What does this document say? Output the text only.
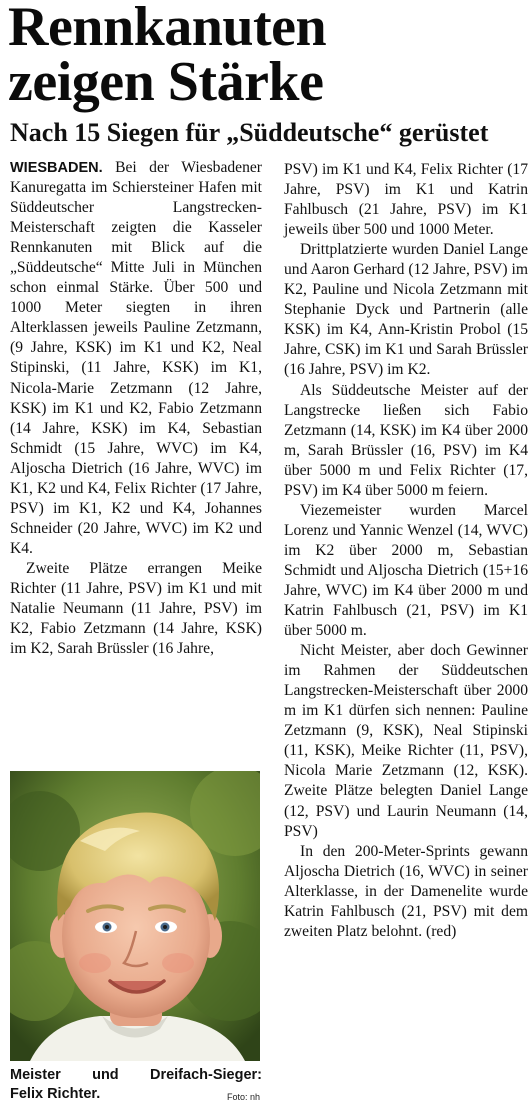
Rennkanuten
zeigen Stärke
Nach 15 Siegen für „Süddeutsche“ gerüstet

WIESBADEN. Bei der Wiesbadener Kanuregatta im Schiersteiner Hafen mit Süddeutscher Langstrecken-Meisterschaft zeigten die Kasseler Rennkanuten mit Blick auf die „Süddeutsche“ Mitte Juli in München schon einmal Stärke. Über 500 und 1000 Meter siegten in ihren Alterklassen jeweils Pauline Zetzmann, (9 Jahre, KSK) im K1 und K2, Neal Stipinski, (11 Jahre, KSK) im K1, Nicola-Marie Zetzmann (12 Jahre, KSK) im K1 und K2, Fabio Zetzmann (14 Jahre, KSK) im K4, Sebastian Schmidt (15 Jahre, WVC) im K4, Aljoscha Dietrich (16 Jahre, WVC) im K1, K2 und K4, Felix Richter (17 Jahre, PSV) im K1, K2 und K4, Johannes Schneider (20 Jahre, WVC) im K2 und K4.

Zweite Plätze errangen Meike Richter (11 Jahre, PSV) im K1 und mit Natalie Neumann (11 Jahre, PSV) im K2, Fabio Zetzmann (14 Jahre, KSK) im K2, Sarah Brüssler (16 Jahre,

PSV) im K1 und K4, Felix Richter (17 Jahre, PSV) im K1 und Katrin Fahlbusch (21 Jahre, PSV) im K1 jeweils über 500 und 1000 Meter.

Drittplatzierte wurden Daniel Lange und Aaron Gerhard (12 Jahre, PSV) im K2, Pauline und Nicola Zetzmann mit Stephanie Dyck und Partnerin (alle KSK) im K4, Ann-Kristin Probol (15 Jahre, CSK) im K1 und Sarah Brüssler (16 Jahre, PSV) im K2.

Als Süddeutsche Meister auf der Langstrecke ließen sich Fabio Zetzmann (14, KSK) im K4 über 2000 m, Sarah Brüssler (16, PSV) im K4 über 5000 m und Felix Richter (17, PSV) im K4 über 5000 m feiern.

Viezemeister wurden Marcel Lorenz und Yannic Wenzel (14, WVC) im K2 über 2000 m, Sebastian Schmidt und Aljoscha Dietrich (15+16 Jahre, WVC) im K4 über 2000 m und Katrin Fahlbusch (21, PSV) im K1 über 5000 m.

Nicht Meister, aber doch Gewinner im Rahmen der Süddeutschen Langstrecken-Meisterschaft über 2000 m im K1 dürfen sich nennen: Pauline Zetzmann (9, KSK), Neal Stipinski (11, KSK), Meike Richter (11, PSV), Nicola Marie Zetzmann (12, KSK). Zweite Plätze belegten Daniel Lange (12, PSV) und Laurin Neumann (14, PSV)

In den 200-Meter-Sprints gewann Aljoscha Dietrich (16, WVC) in seiner Alterklasse, in der Damenelite wurde Katrin Fahlbusch (21, PSV) mit dem zweiten Platz belohnt. (red)

Meister und Dreifach-Sieger:
Felix Richter.	Foto: nh
